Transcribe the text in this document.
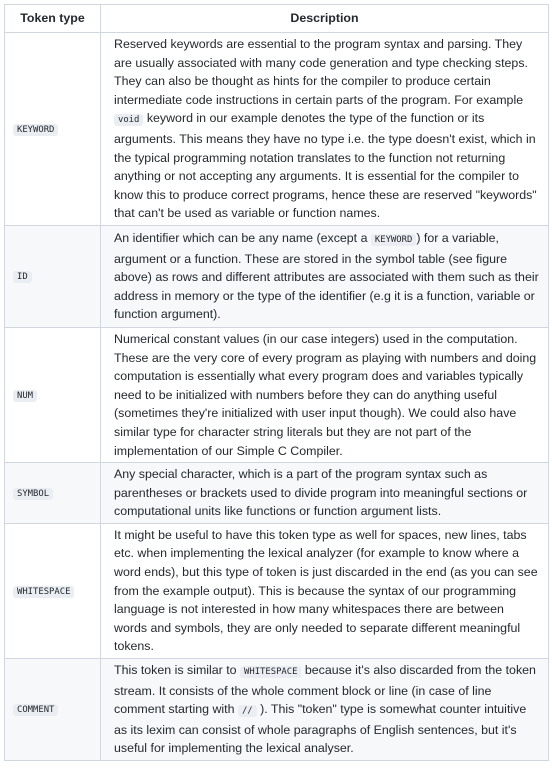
Token type	Description
KEYWORD	Reserved keywords are essential to the program syntax and parsing. They are usually associated with many code generation and type checking steps. They can also be thought as hints for the compiler to produce certain intermediate code instructions in certain parts of the program. For example void keyword in our example denotes the type of the function or its arguments. This means they have no type i.e. the type doesn't exist, which in the typical programming notation translates to the function not returning anything or not accepting any arguments. It is essential for the compiler to know this to produce correct programs, hence these are reserved "keywords" that can't be used as variable or function names.
ID	An identifier which can be any name (except a KEYWORD ) for a variable, argument or a function. These are stored in the symbol table (see figure above) as rows and different attributes are associated with them such as their address in memory or the type of the identifier (e.g it is a function, variable or function argument).
NUM	Numerical constant values (in our case integers) used in the computation. These are the very core of every program as playing with numbers and doing computation is essentially what every program does and variables typically need to be initialized with numbers before they can do anything useful (sometimes they're initialized with user input though). We could also have similar type for character string literals but they are not part of the implementation of our Simple C Compiler.
SYMBOL	Any special character, which is a part of the program syntax such as parentheses or brackets used to divide program into meaningful sections or computational units like functions or function argument lists.
WHITESPACE	It might be useful to have this token type as well for spaces, new lines, tabs etc. when implementing the lexical analyzer (for example to know where a word ends), but this type of token is just discarded in the end (as you can see from the example output). This is because the syntax of our programming language is not interested in how many whitespaces there are between words and symbols, they are only needed to separate different meaningful tokens.
COMMENT	This token is similar to WHITESPACE because it's also discarded from the token stream. It consists of the whole comment block or line (in case of line comment starting with // ). This "token" type is somewhat counter intuitive as its lexim can consist of whole paragraphs of English sentences, but it's useful for implementing the lexical analyser.
